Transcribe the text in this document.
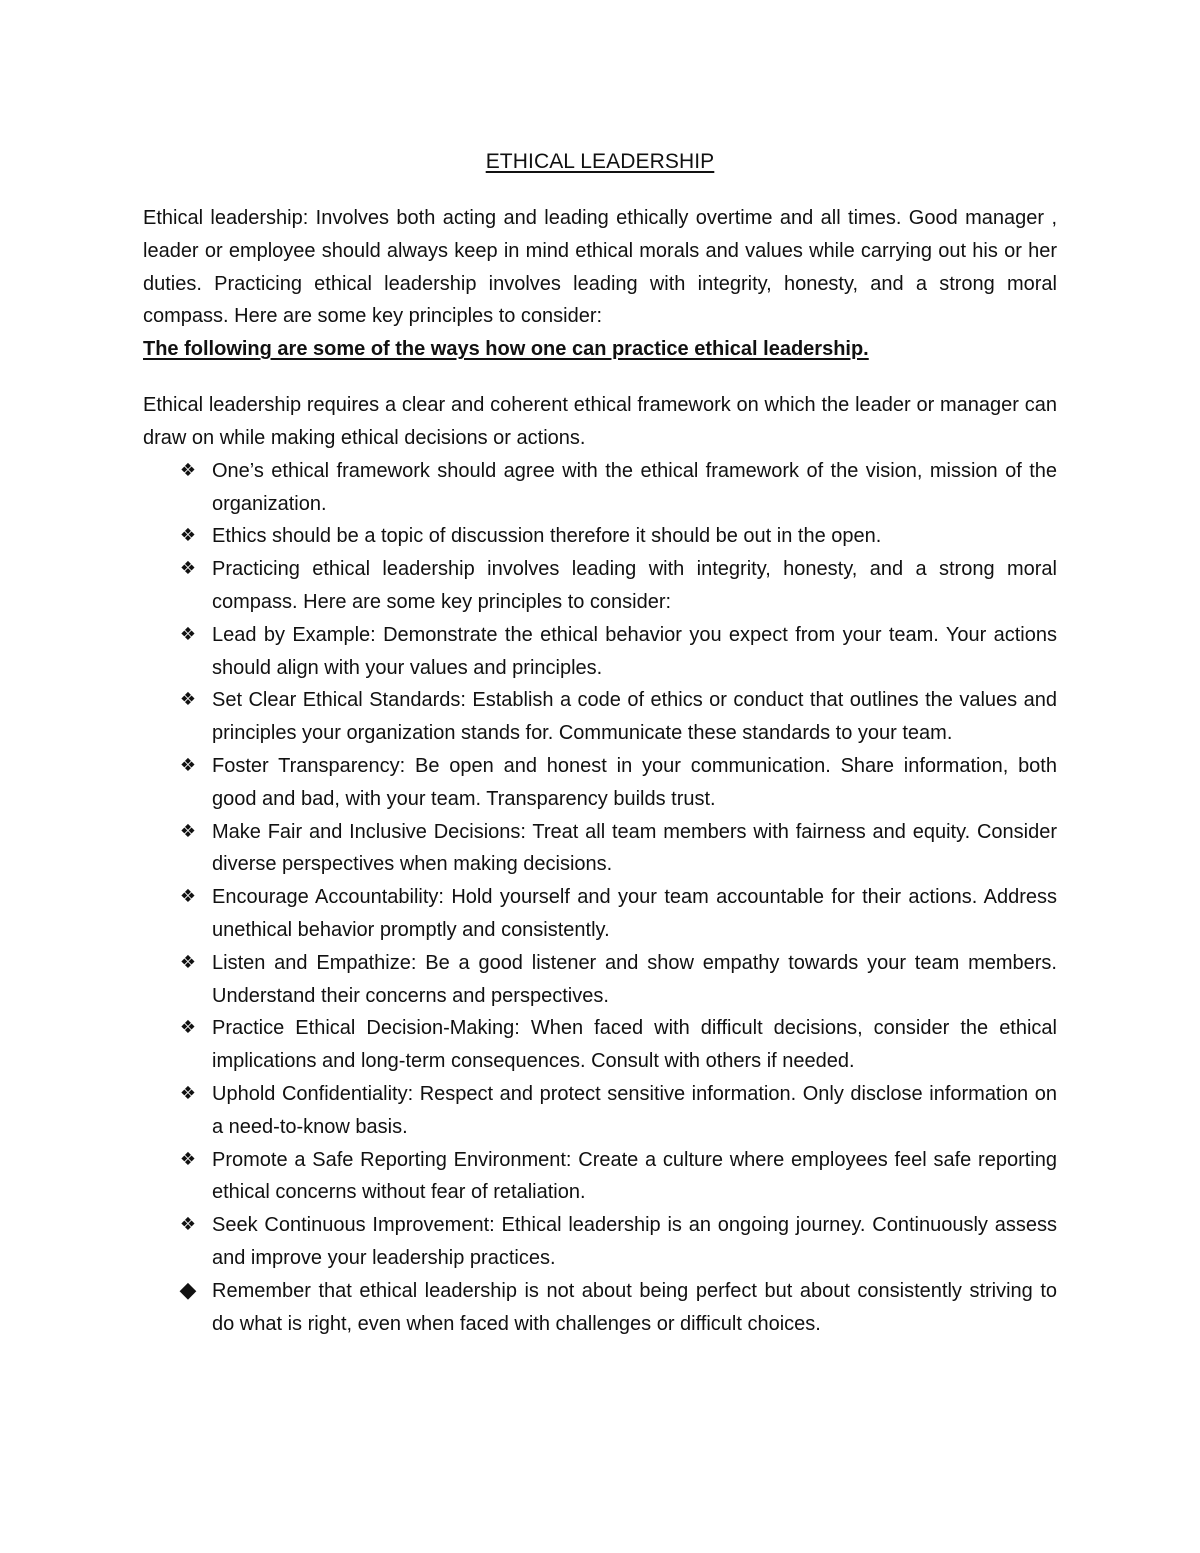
ETHICAL LEADERSHIP

Ethical leadership: Involves both acting and leading ethically overtime and all times. Good manager , leader or employee should always keep in mind ethical morals and values while carrying out his or her duties. Practicing ethical leadership involves leading with integrity, honesty, and a strong moral compass. Here are some key principles to consider:

The following are some of the ways how one can practice ethical leadership.

Ethical leadership requires a clear and coherent ethical framework on which the leader or manager can draw on while making ethical decisions or actions.

❖ One’s ethical framework should agree with the ethical framework of the vision, mission of the organization.
❖ Ethics should be a topic of discussion therefore it should be out in the open.
❖ Practicing ethical leadership involves leading with integrity, honesty, and a strong moral compass. Here are some key principles to consider:
❖ Lead by Example: Demonstrate the ethical behavior you expect from your team. Your actions should align with your values and principles.
❖ Set Clear Ethical Standards: Establish a code of ethics or conduct that outlines the values and principles your organization stands for. Communicate these standards to your team.
❖ Foster Transparency: Be open and honest in your communication. Share information, both good and bad, with your team. Transparency builds trust.
❖ Make Fair and Inclusive Decisions: Treat all team members with fairness and equity. Consider diverse perspectives when making decisions.
❖ Encourage Accountability: Hold yourself and your team accountable for their actions. Address unethical behavior promptly and consistently.
❖ Listen and Empathize: Be a good listener and show empathy towards your team members. Understand their concerns and perspectives.
❖ Practice Ethical Decision-Making: When faced with difficult decisions, consider the ethical implications and long-term consequences. Consult with others if needed.
❖ Uphold Confidentiality: Respect and protect sensitive information. Only disclose information on a need-to-know basis.
❖ Promote a Safe Reporting Environment: Create a culture where employees feel safe reporting ethical concerns without fear of retaliation.
❖ Seek Continuous Improvement: Ethical leadership is an ongoing journey. Continuously assess and improve your leadership practices.
◆ Remember that ethical leadership is not about being perfect but about consistently striving to do what is right, even when faced with challenges or difficult choices.
